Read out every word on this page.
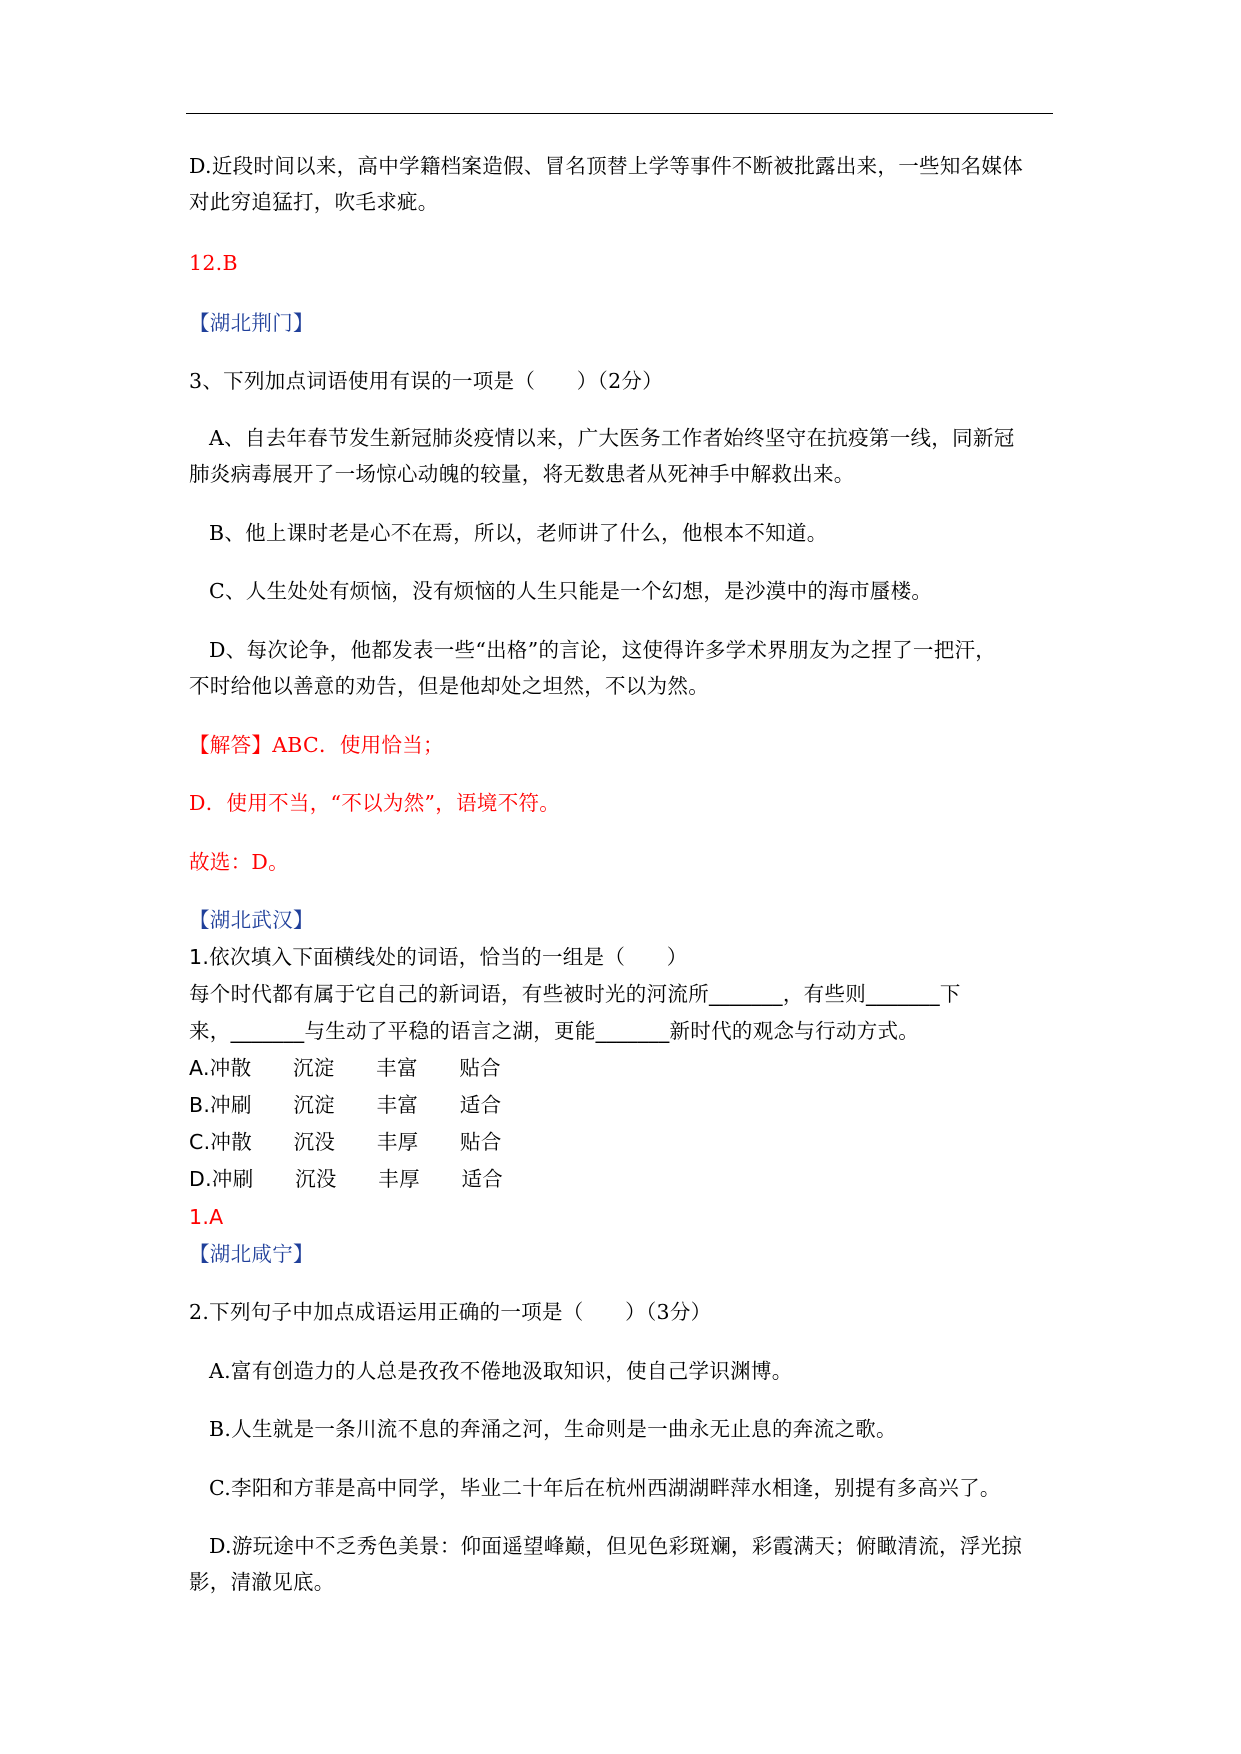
D.近段时间以来，高中学籍档案造假、冒名顶替上学等事件不断被批露出来，一些知名媒体
对此穷追猛打，吹毛求疵。
12.B
【湖北荆门】
3、下列加点词语使用有误的一项是（　　）（2分）
A、自去年春节发生新冠肺炎疫情以来，广大医务工作者始终坚守在抗疫第一线，同新冠
肺炎病毒展开了一场惊心动魄的较量，将无数患者从死神手中解救出来。
B、他上课时老是心不在焉，所以，老师讲了什么，他根本不知道。
C、人生处处有烦恼，没有烦恼的人生只能是一个幻想，是沙漠中的海市蜃楼。
D、每次论争，他都发表一些“出格”的言论，这使得许多学术界朋友为之捏了一把汗，
不时给他以善意的劝告，但是他却处之坦然，不以为然。
【解答】ABC．使用恰当；
D．使用不当，“不以为然”，语境不符。
故选：D。
【湖北武汉】
1.依次填入下面横线处的词语，恰当的一组是（　　）
每个时代都有属于它自己的新词语，有些被时光的河流所_______，有些则_______下
来，_______与生动了平稳的语言之湖，更能_______新时代的观念与行动方式。
A.冲散　　沉淀　　丰富　　贴合
B.冲刷　　沉淀　　丰富　　适合
C.冲散　　沉没　　丰厚　　贴合
D.冲刷　　沉没　　丰厚　　适合
1.A
【湖北咸宁】
2.下列句子中加点成语运用正确的一项是（　　）（3分）
A.富有创造力的人总是孜孜不倦地汲取知识，使自己学识渊博。
B.人生就是一条川流不息的奔涌之河，生命则是一曲永无止息的奔流之歌。
C.李阳和方菲是高中同学，毕业二十年后在杭州西湖湖畔萍水相逢，别提有多高兴了。
D.游玩途中不乏秀色美景：仰面遥望峰巅，但见色彩斑斓，彩霞满天；俯瞰清流，浮光掠
影，清澈见底。
